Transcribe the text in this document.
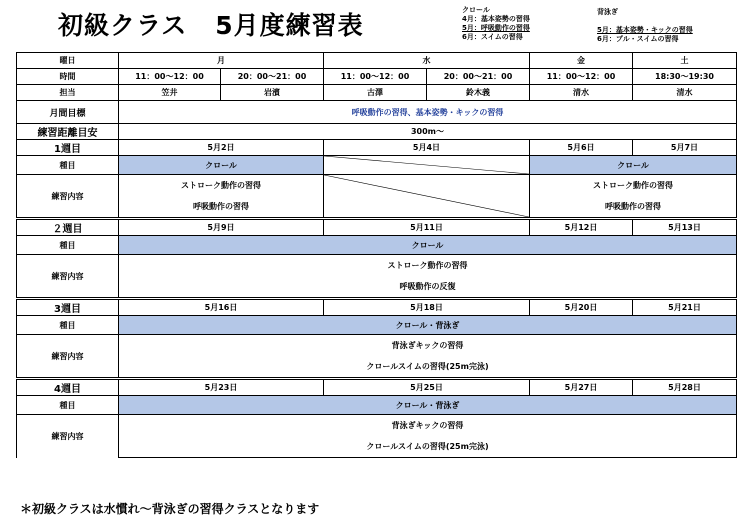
初級クラス 5月度練習表
クロール
4月：基本姿勢の習得
5月：呼吸動作の習得
6月：スイムの習得
背泳ぎ
5月：基本姿勢・キックの習得
6月：プル・スイムの習得
曜日	月		水		金	土
時間	11：00～12：00	20：00～21：00	11：00～12：00	20：00～21：00	11：00～12：00	18:30～19:30
担当	笠井	岩濱	古澤	鈴木義	清水	清水
月間目標	呼吸動作の習得、基本姿勢・キックの習得					
練習距離目安	300m～					
1週目	5月2日		5月4日		5月6日	5月7日
種目	クロール				クロール	
練習内容	ストローク動作の習得				ストローク動作の習得	
	呼吸動作の習得				呼吸動作の習得	
２週目	5月9日		5月11日		5月12日	5月13日
種目	クロール					
練習内容	ストローク動作の習得					
	呼吸動作の反復					
3週目	5月16日		5月18日		5月20日	5月21日
種目	クロール・背泳ぎ					
練習内容	背泳ぎキックの習得					
	クロールスイムの習得(25m完泳)					
4週目	5月23日		5月25日		5月27日	5月28日
種目	クロール・背泳ぎ					
練習内容	背泳ぎキックの習得					
	クロールスイムの習得(25m完泳)					
＊初級クラスは水慣れ～背泳ぎの習得クラスとなります
